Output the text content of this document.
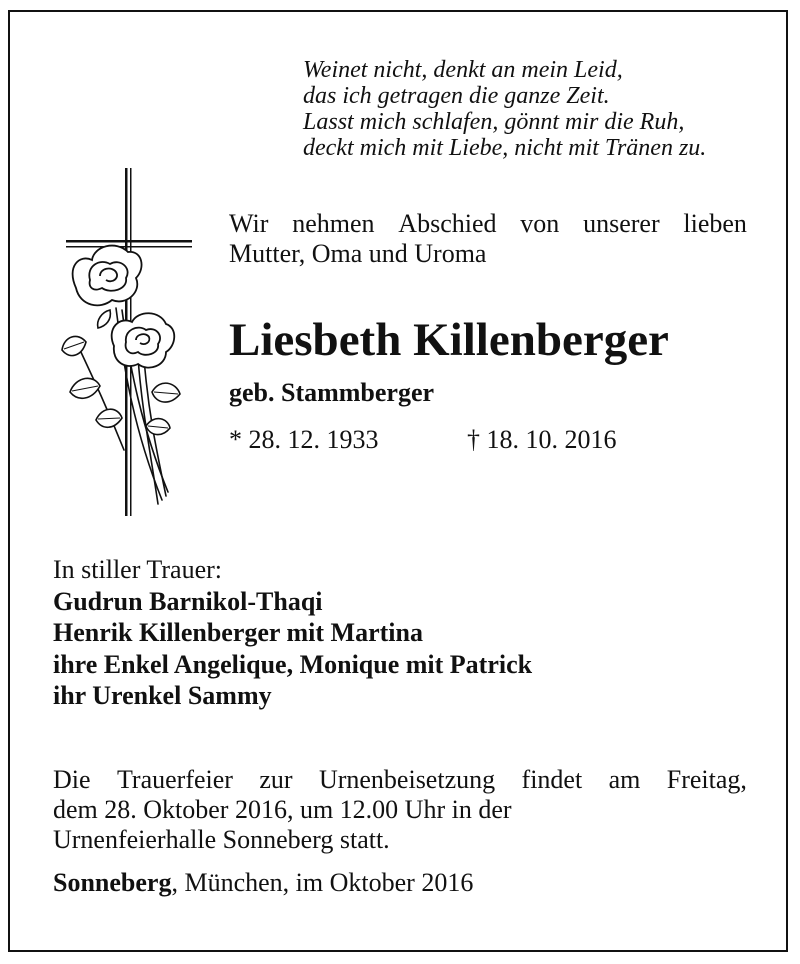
Weinet nicht, denkt an mein Leid,
das ich getragen die ganze Zeit.
Lasst mich schlafen, gönnt mir die Ruh,
deckt mich mit Liebe, nicht mit Tränen zu.
Wir nehmen Abschied von unserer lieben
Mutter, Oma und Uroma
Liesbeth Killenberger
geb. Stammberger
* 28. 12. 1933	† 18. 10. 2016
In stiller Trauer:
Gudrun Barnikol-Thaqi
Henrik Killenberger mit Martina
ihre Enkel Angelique, Monique mit Patrick
ihr Urenkel Sammy
Die Trauerfeier zur Urnenbeisetzung findet am Freitag,
dem 28. Oktober 2016, um 12.00 Uhr in der
Urnenfeierhalle Sonneberg statt.
Sonneberg, München, im Oktober 2016
